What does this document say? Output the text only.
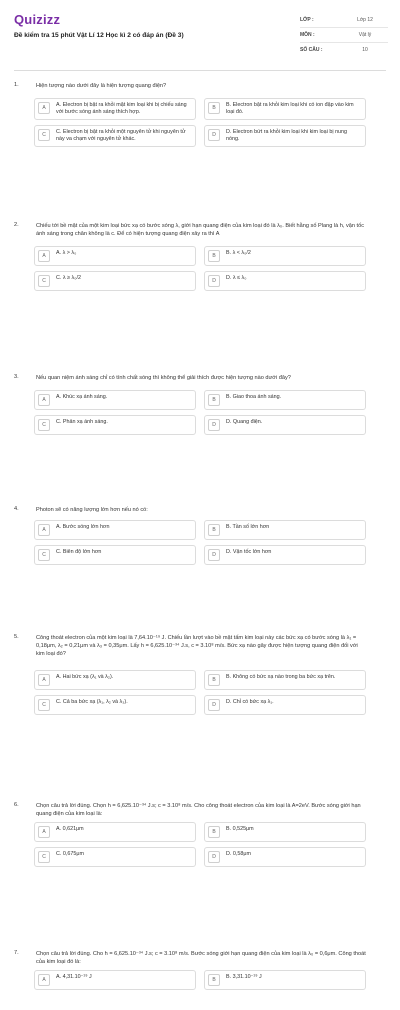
Quizizz
Đề kiểm tra 15 phút Vật Lí 12 Học kì 2 có đáp án (Đề 3)
LỚP :	Lớp 12
MÔN :	Vật lý
SỐ CÂU :	10
1.	Hiện tượng nào dưới đây là hiện tượng quang điện?
A	A. Electron bị bật ra khỏi mặt kim loại khi bị chiếu sáng với bước sóng ánh sáng thích hợp.
B	B. Electron bật ra khỏi kim loại khi có ion đập vào kim loại đó.
C	C. Electron bị bật ra khỏi một nguyên tử khi nguyên tử này va chạm với nguyên tử khác.
D	D. Electron bứt ra khỏi kim loại khi kim loại bị nung nóng.
2.	Chiếu tới bề mặt của một kim loại bức xạ có bước sóng λ, giới hạn quang điện của kim loại đó là λ₀. Biết hằng số Plang là h, vận tốc ánh sáng trong chân không là c. Để có hiện tượng quang điện xảy ra thì A
A	A. λ > λ₀	B	B. λ < λ₀/2
C	C. λ ≥ λ₀/2	D	D. λ ≤ λ₀
3.	Nếu quan niệm ánh sáng chỉ có tính chất sóng thì không thể giải thích được hiện tượng nào dưới đây?
A	A. Khúc xạ ánh sáng.	B	B. Giao thoa ánh sáng.
C	C. Phản xạ ánh sáng.	D	D. Quang điện.
4.	Photon sẽ có năng lượng lớn hơn nếu nó có:
A	A. Bước sóng lớn hơn	B	B. Tần số lớn hơn
C	C. Biên độ lớn hơn	D	D. Vận tốc lớn hơn
5.	Công thoát electron của một kim loại là 7,64.10⁻¹⁹ J. Chiếu lần lượt vào bề mặt tấm kim loại này các bức xạ có bước sóng là λ₁ = 0,18μm, λ₂ = 0,21μm và λ₃ = 0,35μm. Lấy h = 6,625.10⁻³⁴ J.s, c = 3.10⁸ m/s. Bức xạ nào gây được hiện tượng quang điện đối với kim loại đó?
A	A. Hai bức xạ (λ₁ và λ₂).	B	B. Không có bức xạ nào trong ba bức xạ trên.
C	C. Cả ba bức xạ (λ₁, λ₂ và λ₃).	D	D. Chỉ có bức xạ λ₁.
6.	Chọn câu trả lời đúng. Chọn h = 6,625.10⁻³⁴ J.s; c = 3.10⁸ m/s. Cho công thoát electron của kim loại là A=2eV. Bước sóng giới hạn quang điện của kim loại là:
A	A. 0,621μm	B	B. 0,525μm
C	C. 0,675μm	D	D. 0,58μm
7.	Chọn câu trả lời đúng. Cho h = 6,625.10⁻³⁴ J.s; c = 3.10⁸ m/s. Bước sóng giới hạn quang điện của kim loại là λ₀ = 0,6μm. Công thoát của kim loại đó là:
A	A. 4,31.10⁻¹⁹ J	B	B. 3,31.10⁻¹⁹ J
